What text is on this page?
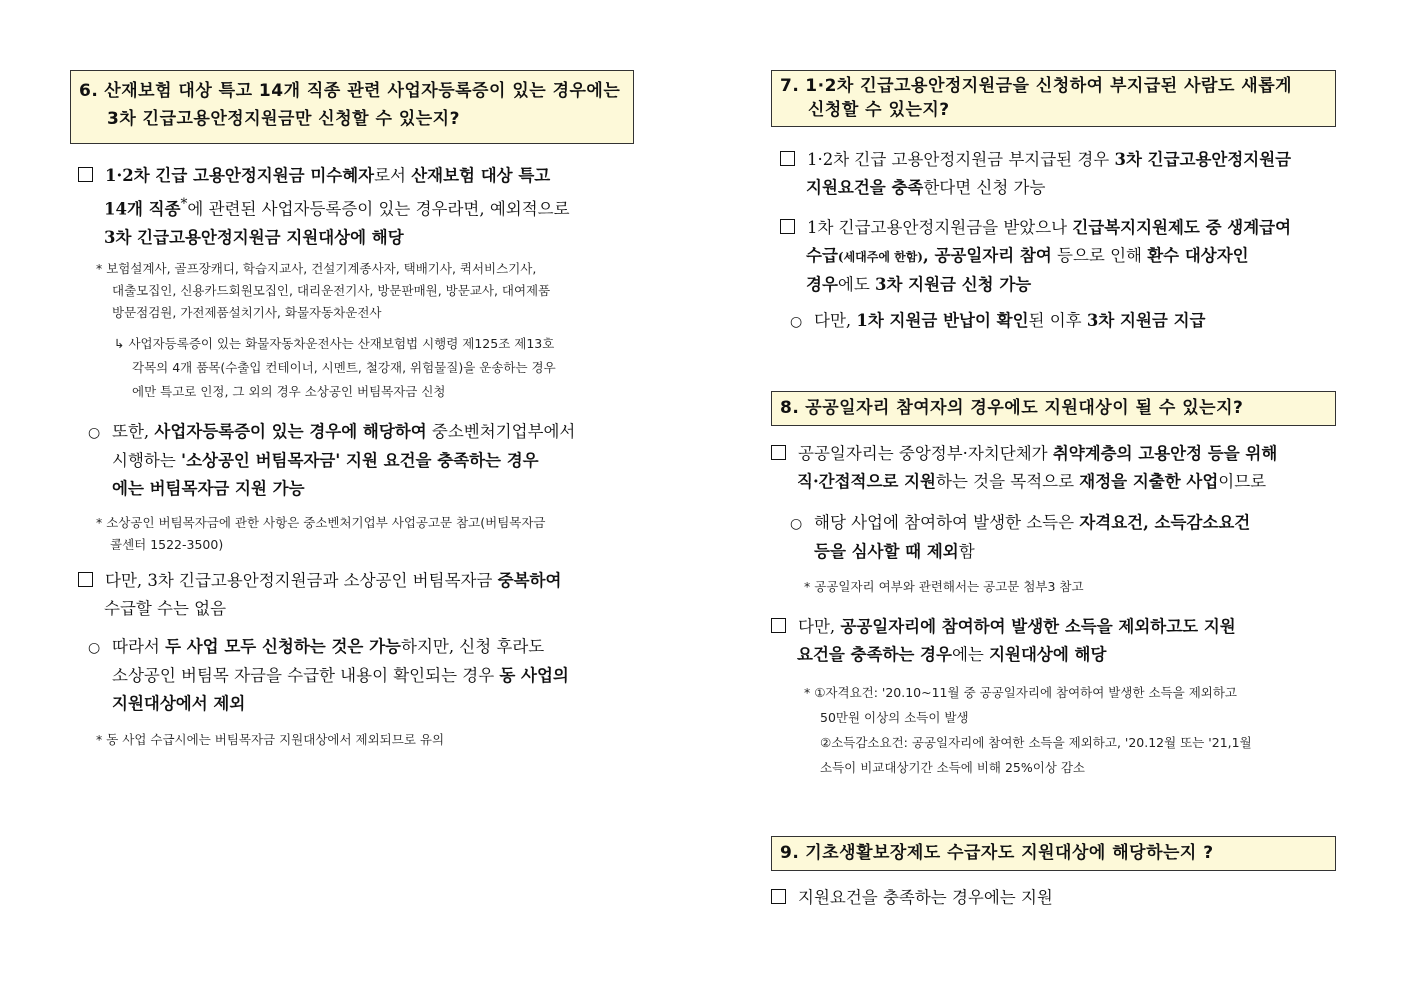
6. 산재보험 대상 특고 14개 직종 관련 사업자등록증이 있는 경우에는
3차 긴급고용안정지원금만 신청할 수 있는지?
1·2차 긴급 고용안정지원금 미수혜자로서 산재보험 대상 특고
14개 직종*에 관련된 사업자등록증이 있는 경우라면, 예외적으로
3차 긴급고용안정지원금 지원대상에 해당
* 보험설계사, 골프장캐디, 학습지교사, 건설기계종사자, 택배기사, 퀵서비스기사,
대출모집인, 신용카드회원모집인, 대리운전기사, 방문판매원, 방문교사, 대여제품
방문점검원, 가전제품설치기사, 화물자동차운전사
↳ 사업자등록증이 있는 화물자동차운전사는 산재보험법 시행령 제125조 제13호
각목의 4개 품목(수출입 컨테이너, 시멘트, 철강재, 위험물질)을 운송하는 경우
에만 특고로 인정, 그 외의 경우 소상공인 버팀목자금 신청
○ 또한, 사업자등록증이 있는 경우에 해당하여 중소벤처기업부에서
시행하는 '소상공인 버팀목자금' 지원 요건을 충족하는 경우
에는 버팀목자금 지원 가능
* 소상공인 버팀목자금에 관한 사항은 중소벤처기업부 사업공고문 참고(버팀목자금
콜센터 1522-3500)
다만, 3차 긴급고용안정지원금과 소상공인 버팀목자금 중복하여
수급할 수는 없음
○ 따라서 두 사업 모두 신청하는 것은 가능하지만, 신청 후라도
소상공인 버팀목 자금을 수급한 내용이 확인되는 경우 동 사업의
지원대상에서 제외
* 동 사업 수급시에는 버팀목자금 지원대상에서 제외되므로 유의
7. 1·2차 긴급고용안정지원금을 신청하여 부지급된 사람도 새롭게
신청할 수 있는지?
1·2차 긴급 고용안정지원금 부지급된 경우 3차 긴급고용안정지원금
지원요건을 충족한다면 신청 가능
1차 긴급고용안정지원금을 받았으나 긴급복지지원제도 중 생계급여
수급(세대주에 한함), 공공일자리 참여 등으로 인해 환수 대상자인
경우에도 3차 지원금 신청 가능
○ 다만, 1차 지원금 반납이 확인된 이후 3차 지원금 지급
8. 공공일자리 참여자의 경우에도 지원대상이 될 수 있는지?
공공일자리는 중앙정부·자치단체가 취약계층의 고용안정 등을 위해
직·간접적으로 지원하는 것을 목적으로 재정을 지출한 사업이므로
○ 해당 사업에 참여하여 발생한 소득은 자격요건, 소득감소요건
등을 심사할 때 제외함
* 공공일자리 여부와 관련해서는 공고문 첨부3 참고
다만, 공공일자리에 참여하여 발생한 소득을 제외하고도 지원
요건을 충족하는 경우에는 지원대상에 해당
* ①자격요건: '20.10~11월 중 공공일자리에 참여하여 발생한 소득을 제외하고
50만원 이상의 소득이 발생
②소득감소요건: 공공일자리에 참여한 소득을 제외하고, '20.12월 또는 '21,1월
소득이 비교대상기간 소득에 비해 25%이상 감소
9. 기초생활보장제도 수급자도 지원대상에 해당하는지 ?
지원요건을 충족하는 경우에는 지원
